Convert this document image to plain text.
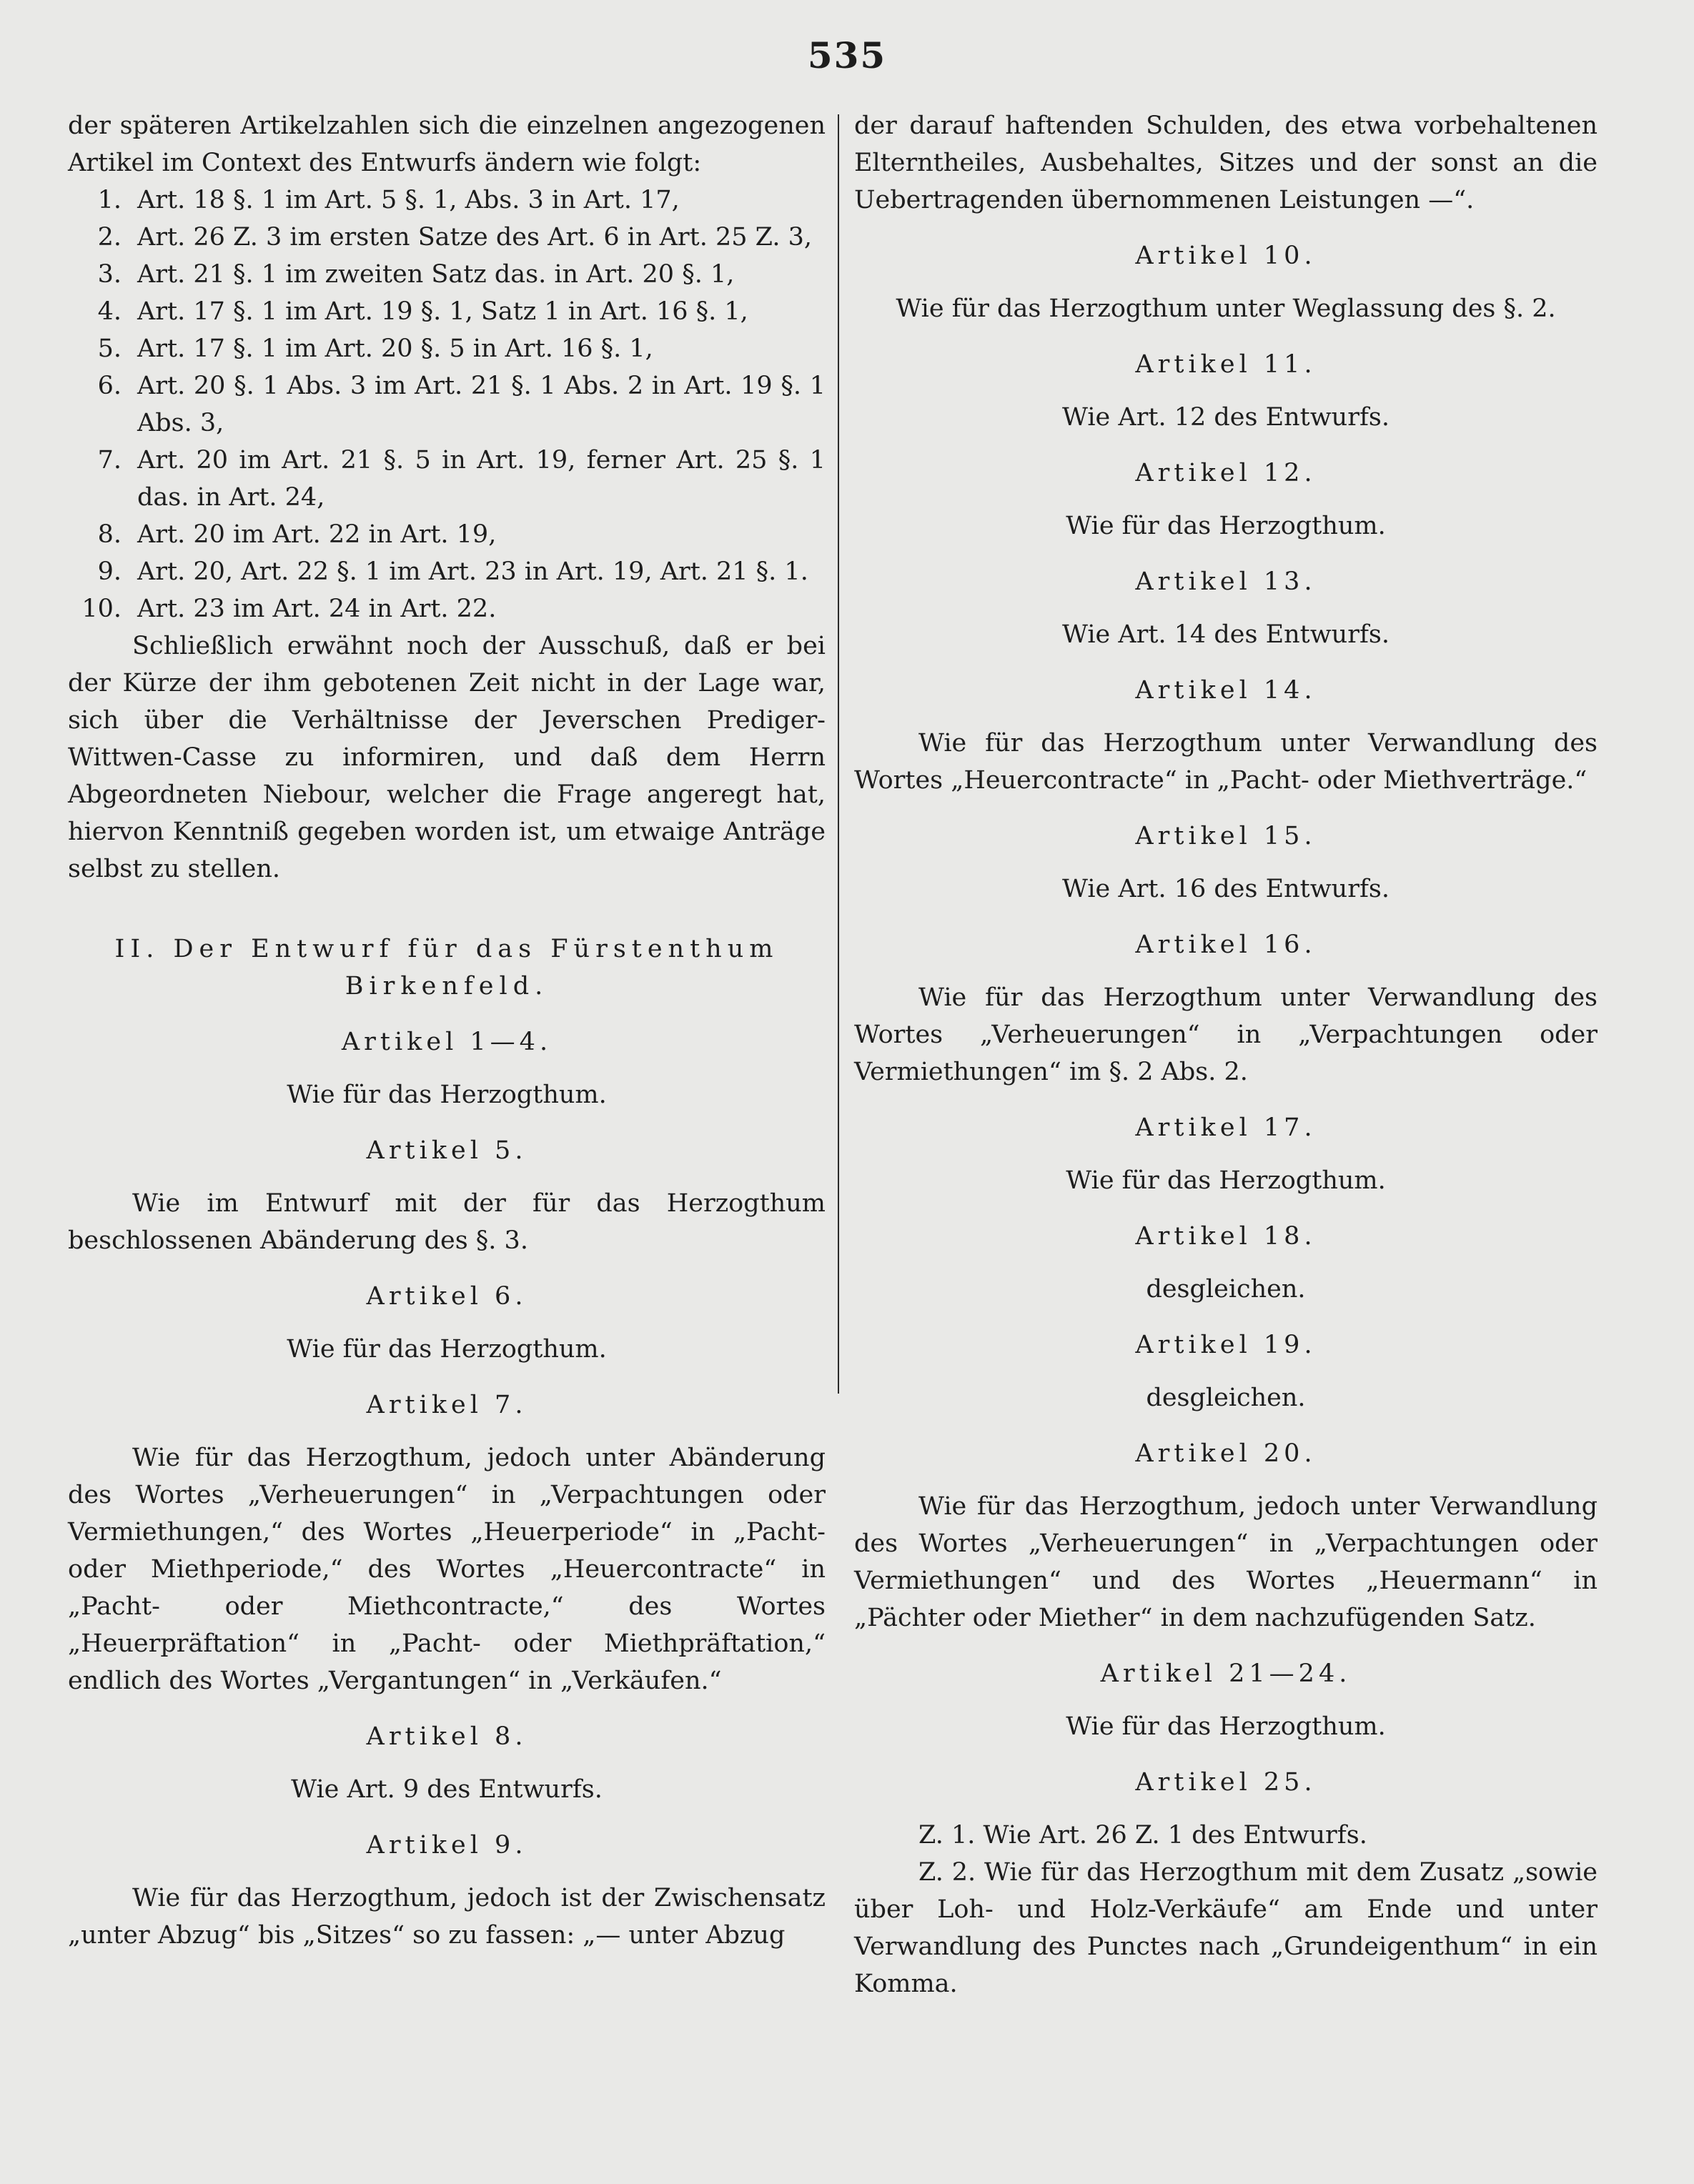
535

der späteren Artikelzahlen sich die einzelnen angezogenen Artikel im Context des Entwurfs ändern wie folgt:

1. Art. 18 §. 1 im Art. 5 §. 1, Abs. 3 in Art. 17,
2. Art. 26 Z. 3 im ersten Satze des Art. 6 in Art. 25 Z. 3,
3. Art. 21 §. 1 im zweiten Satz das. in Art. 20 §. 1,
4. Art. 17 §. 1 im Art. 19 §. 1, Satz 1 in Art. 16 §. 1,
5. Art. 17 §. 1 im Art. 20 §. 5 in Art. 16 §. 1,
6. Art. 20 §. 1 Abs. 3 im Art. 21 §. 1 Abs. 2 in Art. 19 §. 1 Abs. 3,
7. Art. 20 im Art. 21 §. 5 in Art. 19, ferner Art. 25 §. 1 das. in Art. 24,
8. Art. 20 im Art. 22 in Art. 19,
9. Art. 20, Art. 22 §. 1 im Art. 23 in Art. 19, Art. 21 §. 1.
10. Art. 23 im Art. 24 in Art. 22.

Schließlich erwähnt noch der Ausschuß, daß er bei der Kürze der ihm gebotenen Zeit nicht in der Lage war, sich über die Verhältnisse der Jeverschen Prediger-Wittwen-Casse zu informiren, und daß dem Herrn Abgeordneten Niebour, welcher die Frage angeregt hat, hiervon Kenntniß gegeben worden ist, um etwaige Anträge selbst zu stellen.

II. Der Entwurf für das Fürstenthum Birkenfeld.
Artikel 1—4.

Wie für das Herzogthum.

Artikel 5.

Wie im Entwurf mit der für das Herzogthum beschlossenen Abänderung des §. 3.

Artikel 6.

Wie für das Herzogthum.

Artikel 7.

Wie für das Herzogthum, jedoch unter Abänderung des Wortes „Verheuerungen“ in „Verpachtungen oder Vermiethungen,“ des Wortes „Heuerperiode“ in „Pacht- oder Miethperiode,“ des Wortes „Heuercontracte“ in „Pacht- oder Miethcontracte,“ des Wortes „Heuerpräftation“ in „Pacht- oder Miethpräftation,“ endlich des Wortes „Vergantungen“ in „Verkäufen.“

Artikel 8.

Wie Art. 9 des Entwurfs.

Artikel 9.

Wie für das Herzogthum, jedoch ist der Zwischensatz „unter Abzug“ bis „Sitzes“ so zu fassen: „— unter Abzug

der darauf haftenden Schulden, des etwa vorbehaltenen Elterntheiles, Ausbehaltes, Sitzes und der sonst an die Uebertragenden übernommenen Leistungen —“.

Artikel 10.

Wie für das Herzogthum unter Weglassung des §. 2.

Artikel 11.

Wie Art. 12 des Entwurfs.

Artikel 12.

Wie für das Herzogthum.

Artikel 13.

Wie Art. 14 des Entwurfs.

Artikel 14.

Wie für das Herzogthum unter Verwandlung des Wortes „Heuercontracte“ in „Pacht- oder Miethverträge.“

Artikel 15.

Wie Art. 16 des Entwurfs.

Artikel 16.

Wie für das Herzogthum unter Verwandlung des Wortes „Verheuerungen“ in „Verpachtungen oder Vermiethungen“ im §. 2 Abs. 2.

Artikel 17.

Wie für das Herzogthum.

Artikel 18.

desgleichen.

Artikel 19.

desgleichen.

Artikel 20.

Wie für das Herzogthum, jedoch unter Verwandlung des Wortes „Verheuerungen“ in „Verpachtungen oder Vermiethungen“ und des Wortes „Heuermann“ in „Pächter oder Miether“ in dem nachzufügenden Satz.

Artikel 21—24.

Wie für das Herzogthum.

Artikel 25.

Z. 1. Wie Art. 26 Z. 1 des Entwurfs.

Z. 2. Wie für das Herzogthum mit dem Zusatz „sowie über Loh- und Holz-Verkäufe“ am Ende und unter Verwandlung des Punctes nach „Grundeigenthum“ in ein Komma.
